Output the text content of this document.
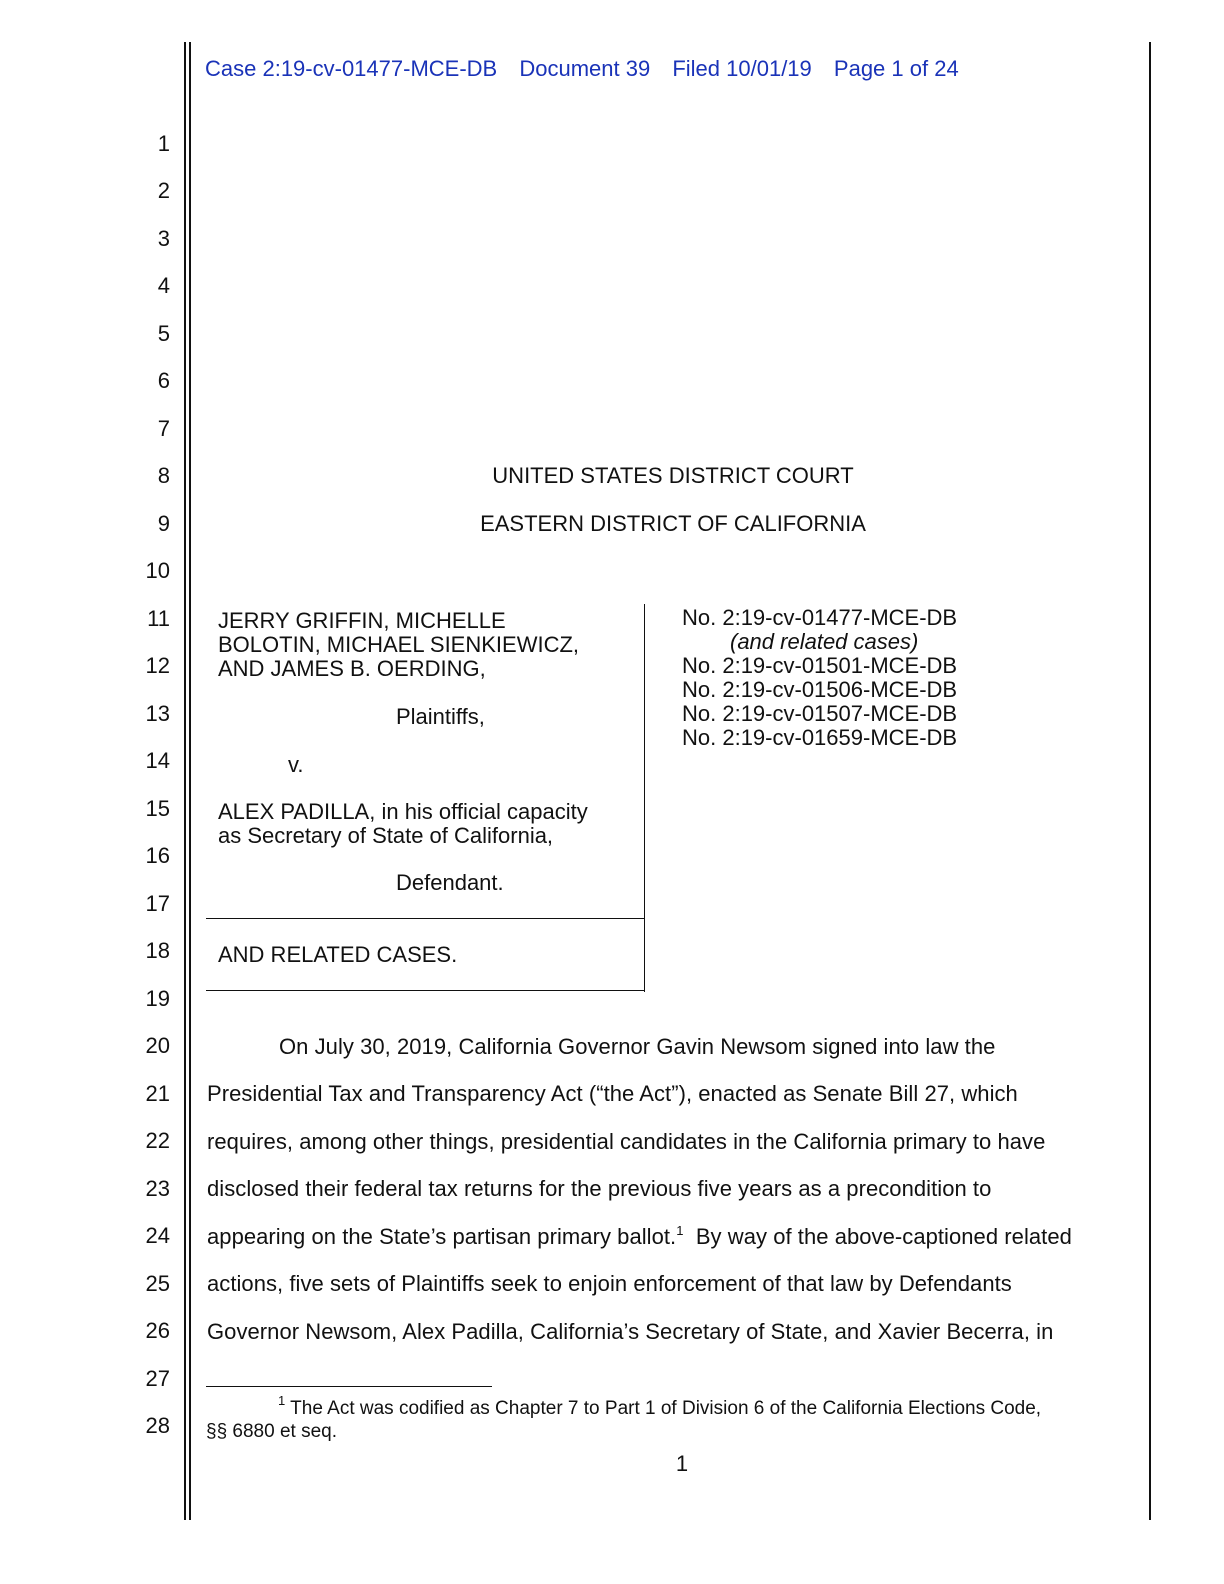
Case 2:19-cv-01477-MCE-DB Document 39 Filed 10/01/19 Page 1 of 24
1
2
3
4
5
6
7
8
9
10
11
12
13
14
15
16
17
18
19
20
21
22
23
24
25
26
27
28
UNITED STATES DISTRICT COURT
EASTERN DISTRICT OF CALIFORNIA
JERRY GRIFFIN, MICHELLE
BOLOTIN, MICHAEL SIENKIEWICZ,
AND JAMES B. OERDING,
Plaintiffs,
v.
ALEX PADILLA, in his official capacity
as Secretary of State of California,
Defendant.
AND RELATED CASES.
No. 2:19-cv-01477-MCE-DB
(and related cases)
No. 2:19-cv-01501-MCE-DB
No. 2:19-cv-01506-MCE-DB
No. 2:19-cv-01507-MCE-DB
No. 2:19-cv-01659-MCE-DB
On July 30, 2019, California Governor Gavin Newsom signed into law the
Presidential Tax and Transparency Act (“the Act”), enacted as Senate Bill 27, which
requires, among other things, presidential candidates in the California primary to have
disclosed their federal tax returns for the previous five years as a precondition to
appearing on the State’s partisan primary ballot.$^1$  By way of the above-captioned related
actions, five sets of Plaintiffs seek to enjoin enforcement of that law by Defendants
Governor Newsom, Alex Padilla, California’s Secretary of State, and Xavier Becerra, in
$^1$ The Act was codified as Chapter 7 to Part 1 of Division 6 of the California Elections Code,
§§ 6880 et seq.
1
